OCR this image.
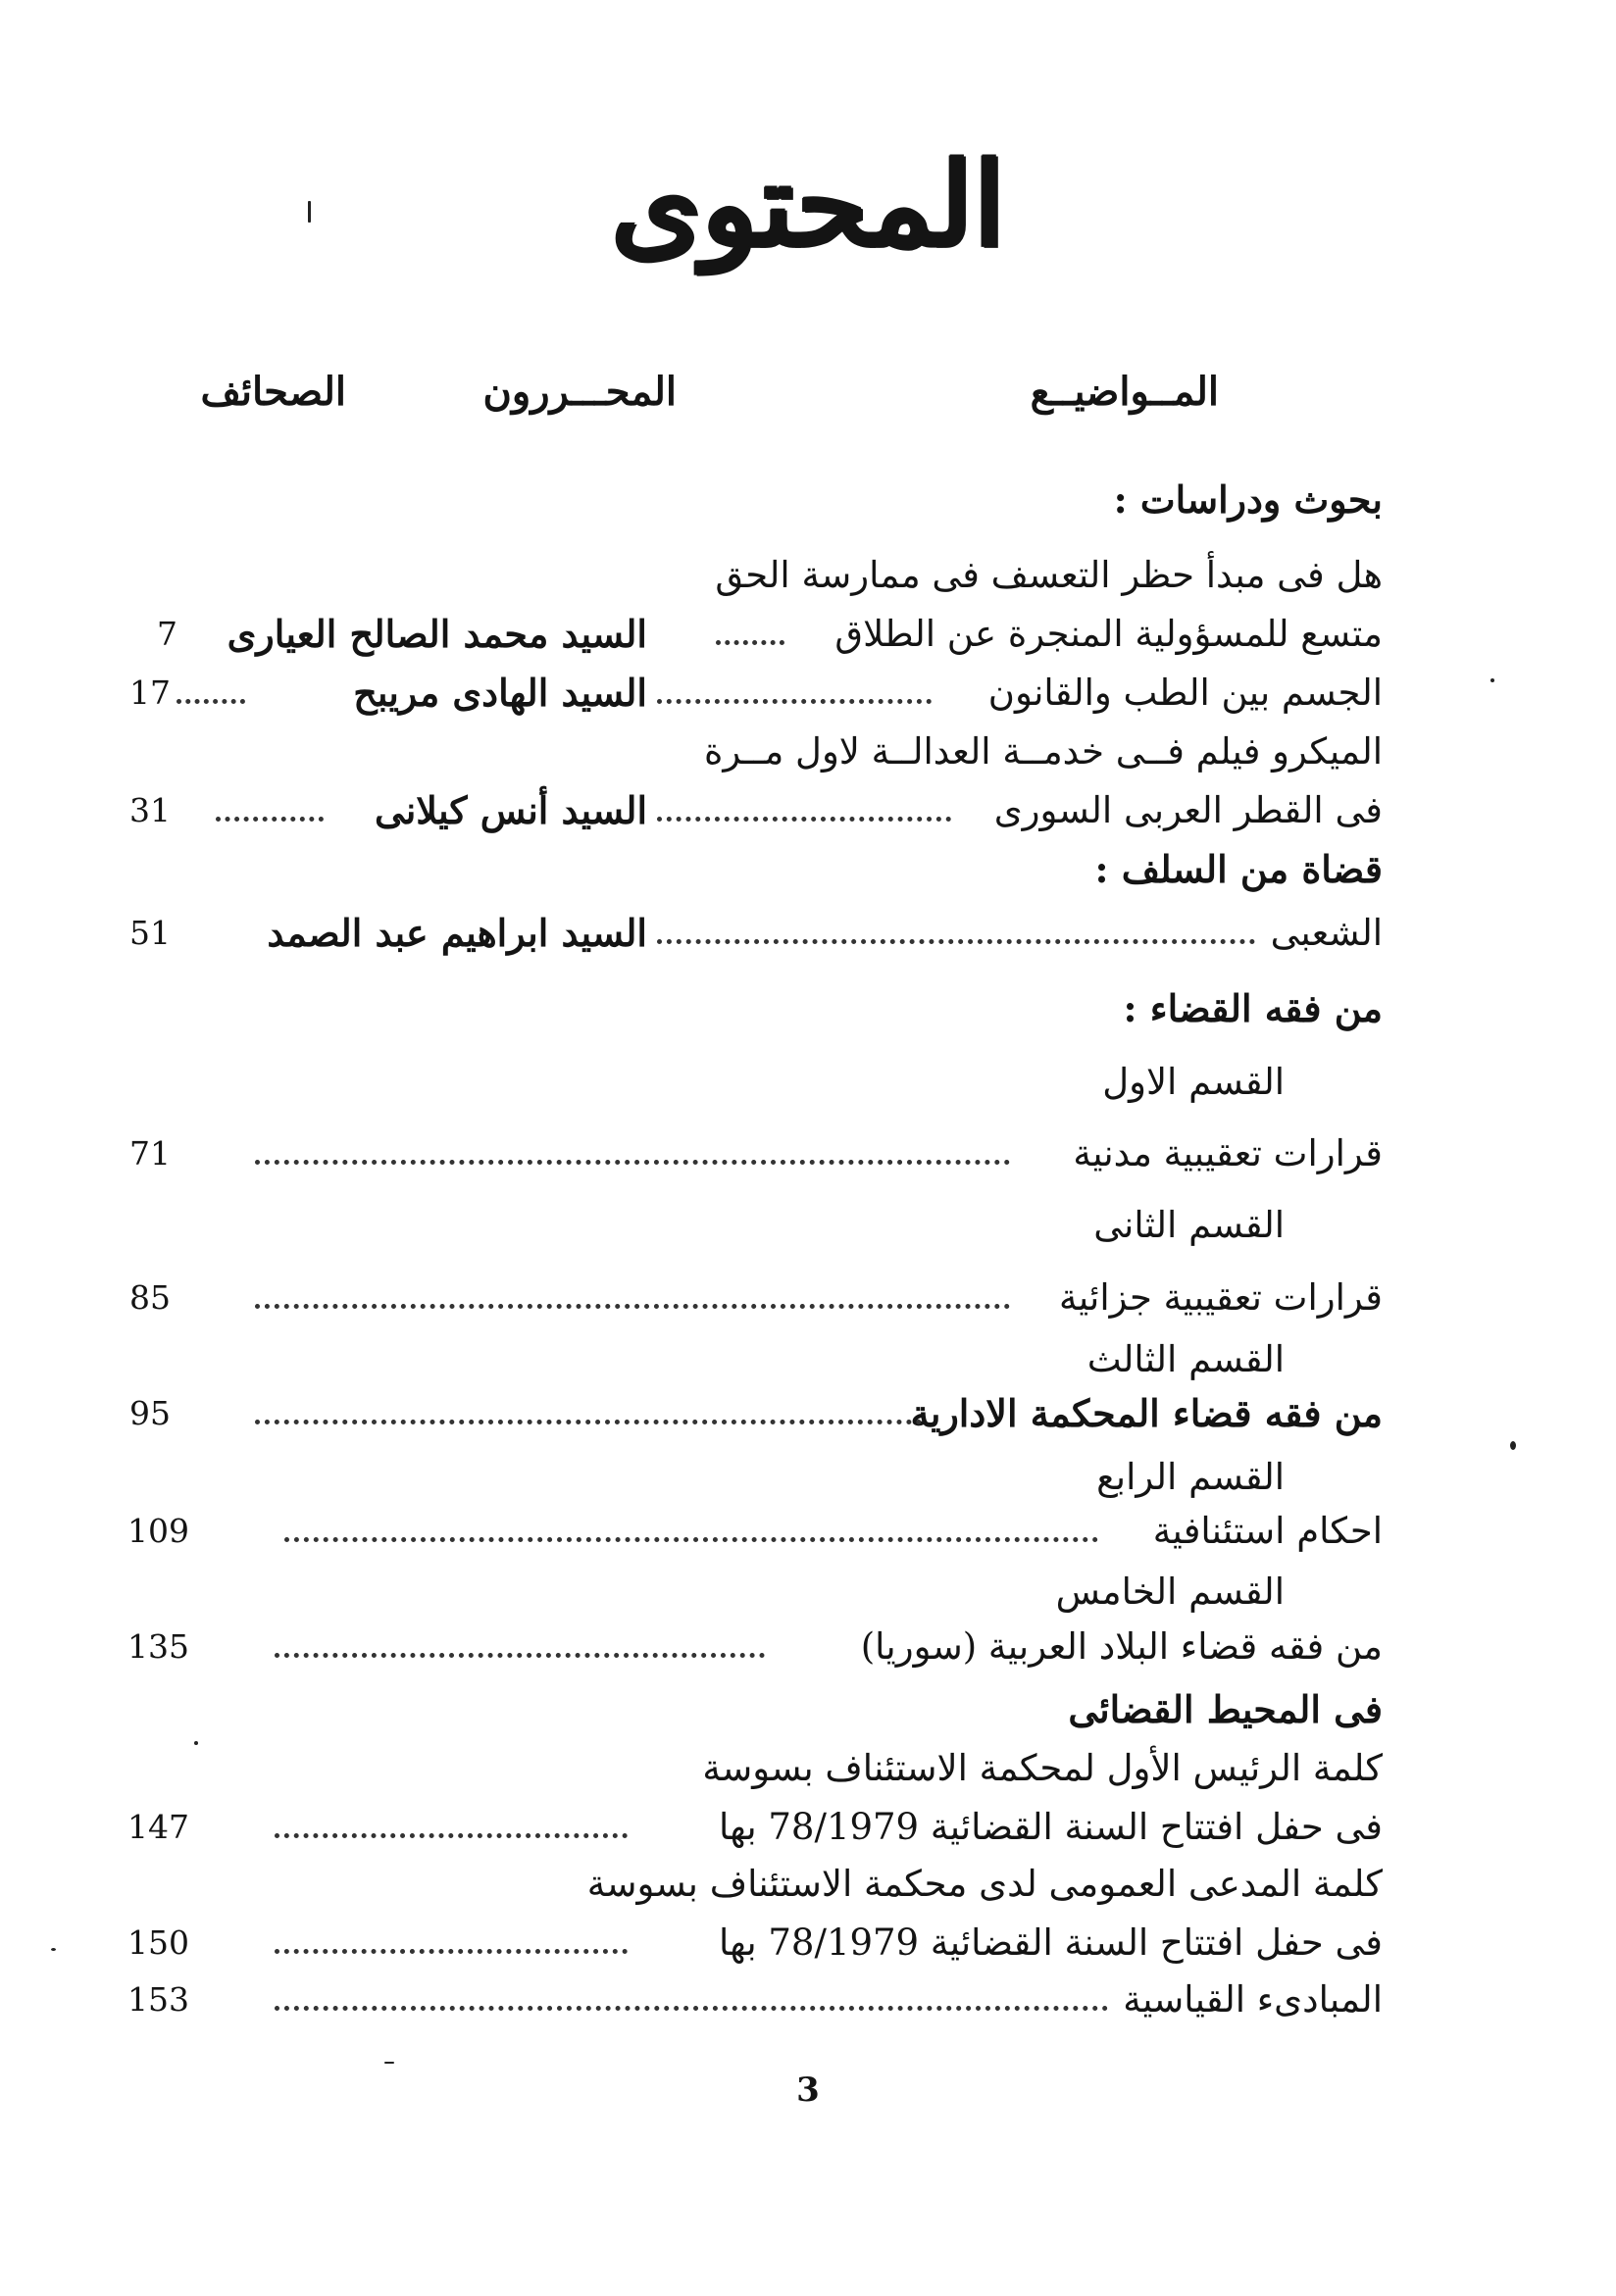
المحتوى
المــواضيــع
المحـــررون
الصحائف
بحوث ودراسات :
هل فى مبدأ حظر التعسف فى ممارسة الحق
متسع للمسؤولية المنجرة عن الطلاق
السيد محمد الصالح العيارى
7
الجسم بين الطب والقانون
السيد الهادى مريبح
17
الميكرو فيلم فــى خدمــة العدالــة لاول مــرة
فى القطر العربى السورى
السيد أنس كيلانى
31
قضاة من السلف :
الشعبى
السيد ابراهيم عبد الصمد
51
من فقه القضاء :
القسم الاول
قرارات تعقيبية مدنية
71
القسم الثانى
قرارات تعقيبية جزائية
85
القسم الثالث
من فقه قضاء المحكمة الادارية
95
القسم الرابع
احكام استئنافية
109
القسم الخامس
من فقه قضاء البلاد العربية (سوريا)
135
فى المحيط القضائى
كلمة الرئيس الأول لمحكمة الاستئناف بسوسة
فى حفل افتتاح السنة القضائية 78/1979 بها
147
كلمة المدعى العمومى لدى محكمة الاستئناف بسوسة
فى حفل افتتاح السنة القضائية 78/1979 بها
150
المبادىء القياسية
153
3
